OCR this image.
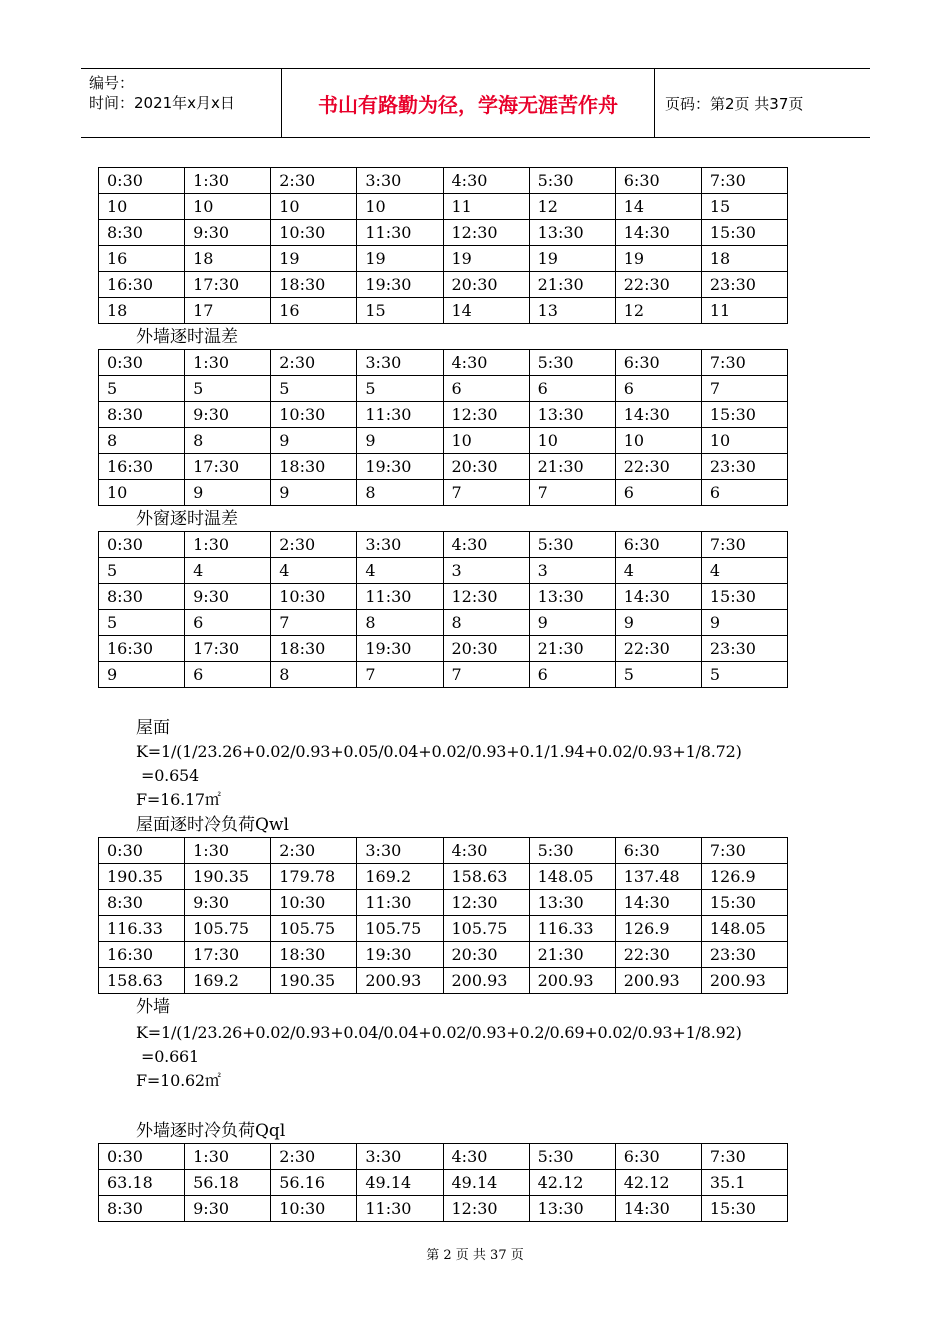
编号：
时间：2021年x月x日	书山有路勤为径，学海无涯苦作舟	页码：第2页 共37页
0:30	1:30	2:30	3:30	4:30	5:30	6:30	7:30
10	10	10	10	11	12	14	15
8:30	9:30	10:30	11:30	12:30	13:30	14:30	15:30
16	18	19	19	19	19	19	18
16:30	17:30	18:30	19:30	20:30	21:30	22:30	23:30
18	17	16	15	14	13	12	11
外墙逐时温差
0:30	1:30	2:30	3:30	4:30	5:30	6:30	7:30
5	5	5	5	6	6	6	7
8:30	9:30	10:30	11:30	12:30	13:30	14:30	15:30
8	8	9	9	10	10	10	10
16:30	17:30	18:30	19:30	20:30	21:30	22:30	23:30
10	9	9	8	7	7	6	6
外窗逐时温差
0:30	1:30	2:30	3:30	4:30	5:30	6:30	7:30
5	4	4	4	3	3	4	4
8:30	9:30	10:30	11:30	12:30	13:30	14:30	15:30
5	6	7	8	8	9	9	9
16:30	17:30	18:30	19:30	20:30	21:30	22:30	23:30
9	6	8	7	7	6	5	5
屋面
K=1/(1/23.26+0.02/0.93+0.05/0.04+0.02/0.93+0.1/1.94+0.02/0.93+1/8.72)
=0.654
F=16.17㎡
屋面逐时冷负荷Qwl
0:30	1:30	2:30	3:30	4:30	5:30	6:30	7:30
190.35	190.35	179.78	169.2	158.63	148.05	137.48	126.9
8:30	9:30	10:30	11:30	12:30	13:30	14:30	15:30
116.33	105.75	105.75	105.75	105.75	116.33	126.9	148.05
16:30	17:30	18:30	19:30	20:30	21:30	22:30	23:30
158.63	169.2	190.35	200.93	200.93	200.93	200.93	200.93
外墙
K=1/(1/23.26+0.02/0.93+0.04/0.04+0.02/0.93+0.2/0.69+0.02/0.93+1/8.92)
=0.661
F=10.62㎡
外墙逐时冷负荷Qql
0:30	1:30	2:30	3:30	4:30	5:30	6:30	7:30
63.18	56.18	56.16	49.14	49.14	42.12	42.12	35.1
8:30	9:30	10:30	11:30	12:30	13:30	14:30	15:30
第 2 页 共 37 页
